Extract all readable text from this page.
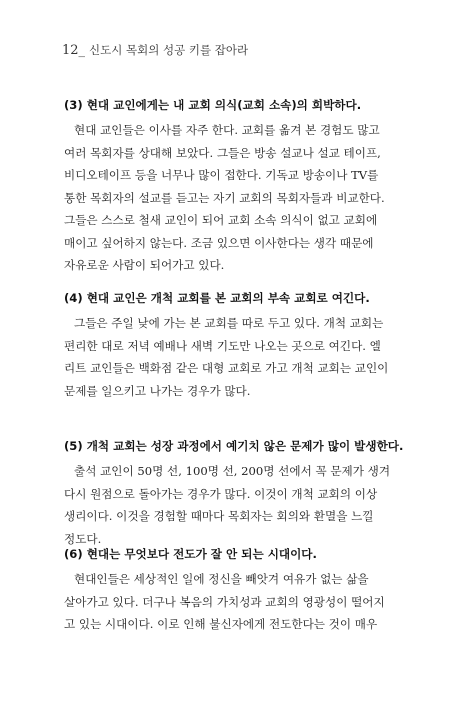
12_ 신도시 목회의 성공 키를 잡아라
(3) 현대 교인에게는 내 교회 의식(교회 소속)의 희박하다.
현대 교인들은 이사를 자주 한다. 교회를 옮겨 본 경험도 많고
여러 목회자를 상대해 보았다. 그들은 방송 설교나 설교 테이프,
비디오테이프 등을 너무나 많이 접한다. 기독교 방송이나 TV를
통한 목회자의 설교를 듣고는 자기 교회의 목회자들과 비교한다.
그들은 스스로 철새 교인이 되어 교회 소속 의식이 없고 교회에
매이고 싶어하지 않는다. 조금 있으면 이사한다는 생각 때문에
자유로운 사람이 되어가고 있다.
(4) 현대 교인은 개척 교회를 본 교회의 부속 교회로 여긴다.
그들은 주일 낮에 가는 본 교회를 따로 두고 있다. 개척 교회는
편리한 대로 저녁 예배나 새벽 기도만 나오는 곳으로 여긴다. 엘
리트 교인들은 백화점 같은 대형 교회로 가고 개척 교회는 교인이
문제를 일으키고 나가는 경우가 많다.
(5) 개척 교회는 성장 과정에서 예기치 않은 문제가 많이 발생한다.
출석 교인이 50명 선, 100명 선, 200명 선에서 꼭 문제가 생겨
다시 원점으로 돌아가는 경우가 많다. 이것이 개척 교회의 이상
생리이다. 이것을 경험할 때마다 목회자는 회의와 환멸을 느낄
정도다.
(6) 현대는 무엇보다 전도가 잘 안 되는 시대이다.
현대인들은 세상적인 일에 정신을 빼앗겨 여유가 없는 삶을
살아가고 있다. 더구나 복음의 가치성과 교회의 영광성이 떨어지
고 있는 시대이다. 이로 인해 불신자에게 전도한다는 것이 매우
